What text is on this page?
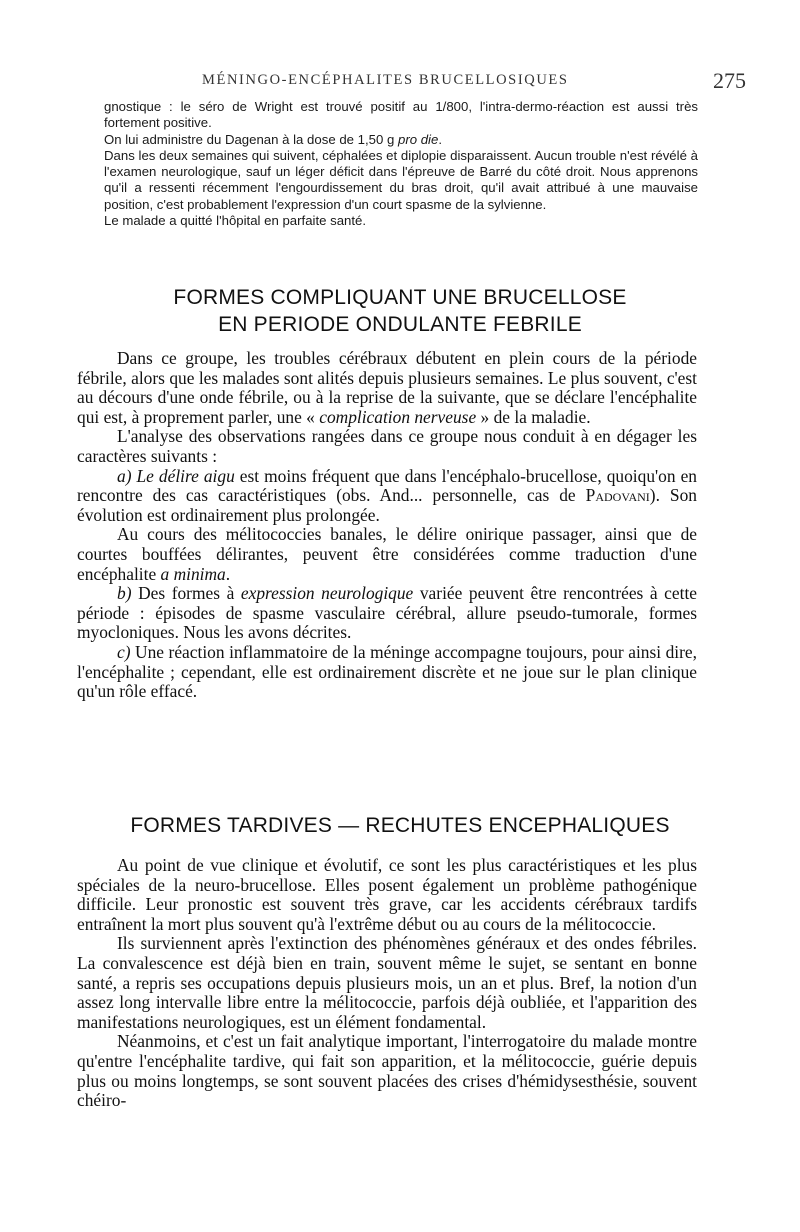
MÉNINGO-ENCÉPHALITES BRUCELLOSIQUES	275

gnostique : le séro de Wright est trouvé positif au 1/800, l'intra-dermo-réaction est aussi très fortement positive.

On lui administre du Dagenan à la dose de 1,50 g pro die.

Dans les deux semaines qui suivent, céphalées et diplopie disparaissent. Aucun trouble n'est révélé à l'examen neurologique, sauf un léger déficit dans l'épreuve de Barré du côté droit. Nous apprenons qu'il a ressenti récemment l'engourdissement du bras droit, qu'il avait attribué à une mauvaise position, c'est probablement l'expression d'un court spasme de la sylvienne.

Le malade a quitté l'hôpital en parfaite santé.

FORMES COMPLIQUANT UNE BRUCELLOSE
EN PERIODE ONDULANTE FEBRILE

Dans ce groupe, les troubles cérébraux débutent en plein cours de la période fébrile, alors que les malades sont alités depuis plusieurs semaines. Le plus souvent, c'est au décours d'une onde fébrile, ou à la reprise de la suivante, que se déclare l'encéphalite qui est, à proprement parler, une « complication nerveuse » de la maladie.

L'analyse des observations rangées dans ce groupe nous conduit à en dégager les caractères suivants :

a) Le délire aigu est moins fréquent que dans l'encéphalo-brucellose, quoiqu'on en rencontre des cas caractéristiques (obs. And... personnelle, cas de Padovani). Son évolution est ordinairement plus prolongée.

Au cours des mélitococcies banales, le délire onirique passager, ainsi que de courtes bouffées délirantes, peuvent être considérées comme traduction d'une encéphalite a minima.

b) Des formes à expression neurologique variée peuvent être rencontrées à cette période : épisodes de spasme vasculaire cérébral, allure pseudo-tumorale, formes myocloniques. Nous les avons décrites.

c) Une réaction inflammatoire de la méninge accompagne toujours, pour ainsi dire, l'encéphalite ; cependant, elle est ordinairement discrète et ne joue sur le plan clinique qu'un rôle effacé.

FORMES TARDIVES — RECHUTES ENCEPHALIQUES

Au point de vue clinique et évolutif, ce sont les plus caractéristiques et les plus spéciales de la neuro-brucellose. Elles posent également un problème pathogénique difficile. Leur pronostic est souvent très grave, car les accidents cérébraux tardifs entraînent la mort plus souvent qu'à l'extrême début ou au cours de la mélitococcie.

Ils surviennent après l'extinction des phénomènes généraux et des ondes fébriles. La convalescence est déjà bien en train, souvent même le sujet, se sentant en bonne santé, a repris ses occupations depuis plusieurs mois, un an et plus. Bref, la notion d'un assez long intervalle libre entre la mélitococcie, parfois déjà oubliée, et l'apparition des manifestations neurologiques, est un élément fondamental.

Néanmoins, et c'est un fait analytique important, l'interrogatoire du malade montre qu'entre l'encéphalite tardive, qui fait son apparition, et la mélitococcie, guérie depuis plus ou moins longtemps, se sont souvent placées des crises d'hémidysesthésie, souvent chéiro-
